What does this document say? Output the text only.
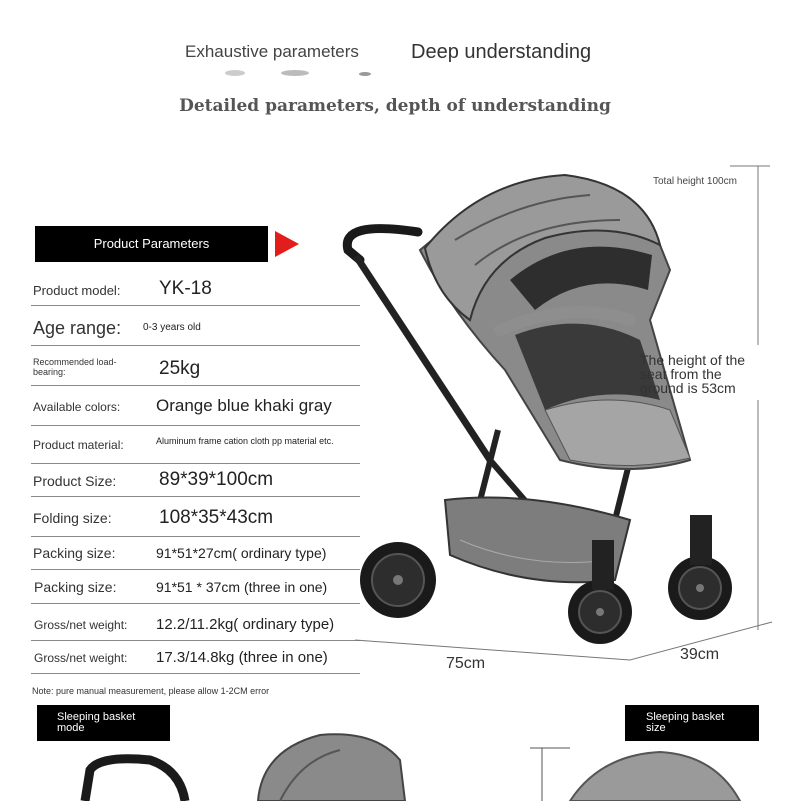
Exhaustive parameters	Deep understanding
Detailed parameters, depth of understanding
Product Parameters
Product model: YK-18
Age range: 0-3 years old
Recommended load-bearing:	25kg
Available colors: Orange blue khaki gray
Product material:	Aluminum frame cation cloth pp material etc.
Product Size: 89*39*100cm
Folding size: 108*35*43cm
Packing size:	91*51*27cm( ordinary type)
Packing size:	91*51 * 37cm (three in one)
Gross/net weight: 12.2/11.2kg( ordinary type)
Gross/net weight: 17.3/14.8kg (three in one)
Note: pure manual measurement, please allow 1-2CM error
Total height 100cm
The height of the seat from the ground is 53cm
75cm
39cm
Sleeping basket mode
Sleeping basket size
